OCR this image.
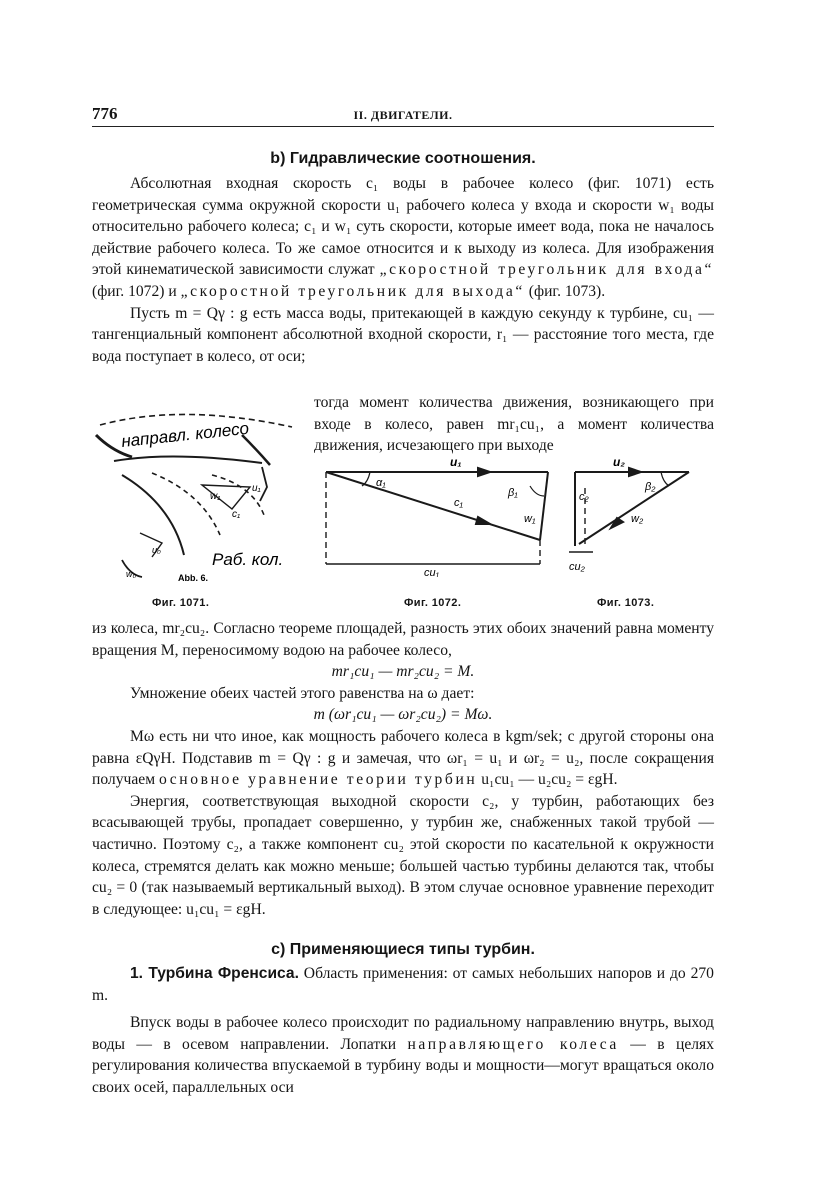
776	II. ДВИГАТЕЛИ.
b) Гидравлические соотношения.

Абсолютная входная скорость c₁ воды в рабочее колесо (фиг. 1071) есть геометрическая сумма окружной скорости u₁ рабочего колеса у входа и скорости w₁ воды относительно рабочего колеса; c₁ и w₁ суть скорости, которые имеет вода, пока не началось действие рабочего колеса. То же самое относится и к выходу из колеса. Для изображения этой кинематической зависимости служат „скоростной треугольник для входа“ (фиг. 1072) и „скоростной треугольник для выхода“ (фиг. 1073).

Пусть m = Qγ : g есть масса воды, притекающей в каждую секунду к турбине, cu₁ — тангенциальный компонент абсолютной входной скорости, r₁ — расстояние того места, где вода поступает в колесо, от оси;

тогда момент количества движения, возникающего при входе в колесо, равен mr₁cu₁, а момент количества движения, исчезающего при выходе
направл. колесо
Раб. кол.
Abb. 6.
u₁
w₁
c₁
u₀
w₀
u₁
α₁
c₁
β₁
w₁
cu₁
u₂
c₂
β₂
w₂
cu₂
Фиг. 1071.	Фиг. 1072.	Фиг. 1073.

из колеса, mr₂cu₂. Согласно теореме площадей, разность этих обоих значений равна моменту вращения M, переносимому водою на рабочее колесо,

mr₁cu₁ — mr₂cu₂ = M.

Умножение обеих частей этого равенства на ω дает:

m (ωr₁cu₁ — ωr₂cu₂) = Mω.

Mω есть ни что иное, как мощность рабочего колеса в kgm/sek; с другой стороны она равна εQγH. Подставив m = Qγ : g и замечая, что ωr₁ = u₁ и ωr₂ = u₂, после сокращения получаем основное уравнение теории турбин u₁cu₁ — u₂cu₂ = εgH.

Энергия, соответствующая выходной скорости c₂, у турбин, работающих без всасывающей трубы, пропадает совершенно, у турбин же, снабженных такой трубой — частично. Поэтому c₂, а также компонент cu₂ этой скорости по касательной к окружности колеса, стремятся делать как можно меньше; большей частью турбины делаются так, чтобы cu₂ = 0 (так называемый вертикальный выход). В этом случае основное уравнение переходит в следующее: u₁cu₁ = εgH.

c) Применяющиеся типы турбин.

1. Турбина Френсиса. Область применения: от самых небольших напоров и до 270 m.

Впуск воды в рабочее колесо происходит по радиальному направлению внутрь, выход воды — в осевом направлении. Лопатки направляющего колеса — в целях регулирования количества впускаемой в турбину воды и мощности—могут вращаться около своих осей, параллельных оси
